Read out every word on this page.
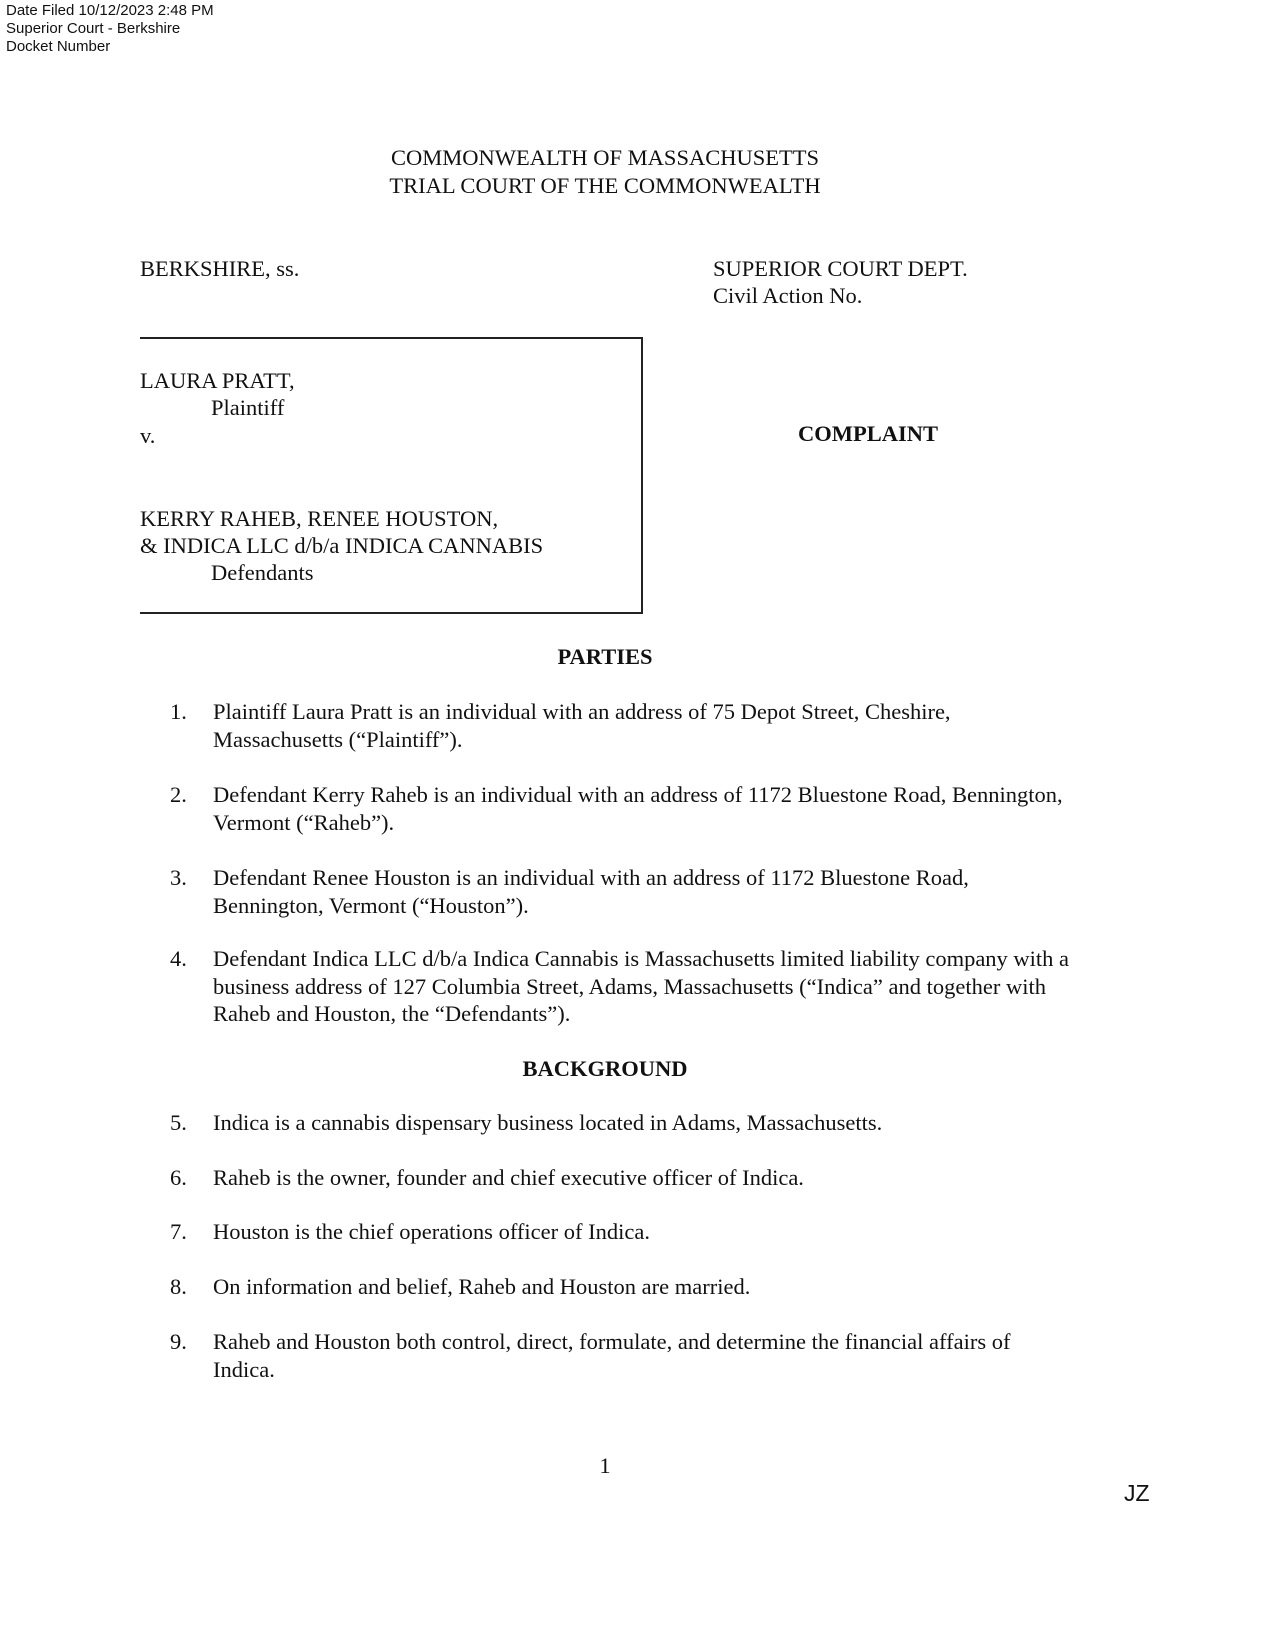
Date Filed 10/12/2023 2:48 PM
Superior Court - Berkshire
Docket Number
COMMONWEALTH OF MASSACHUSETTS
TRIAL COURT OF THE COMMONWEALTH
BERKSHIRE, ss.	SUPERIOR COURT DEPT.
Civil Action No.
LAURA PRATT,
Plaintiff
v.
KERRY RAHEB, RENEE HOUSTON,
& INDICA LLC d/b/a INDICA CANNABIS
Defendants
COMPLAINT
PARTIES
1.	Plaintiff Laura Pratt is an individual with an address of 75 Depot Street, Cheshire, Massachusetts (“Plaintiff”).
2.	Defendant Kerry Raheb is an individual with an address of 1172 Bluestone Road, Bennington, Vermont (“Raheb”).
3.	Defendant Renee Houston is an individual with an address of 1172 Bluestone Road, Bennington, Vermont (“Houston”).
4.	Defendant Indica LLC d/b/a Indica Cannabis is Massachusetts limited liability company with a business address of 127 Columbia Street, Adams, Massachusetts (“Indica” and together with Raheb and Houston, the “Defendants”).
BACKGROUND
5.	Indica is a cannabis dispensary business located in Adams, Massachusetts.
6.	Raheb is the owner, founder and chief executive officer of Indica.
7.	Houston is the chief operations officer of Indica.
8.	On information and belief, Raheb and Houston are married.
9.	Raheb and Houston both control, direct, formulate, and determine the financial affairs of Indica.
1
JZ
